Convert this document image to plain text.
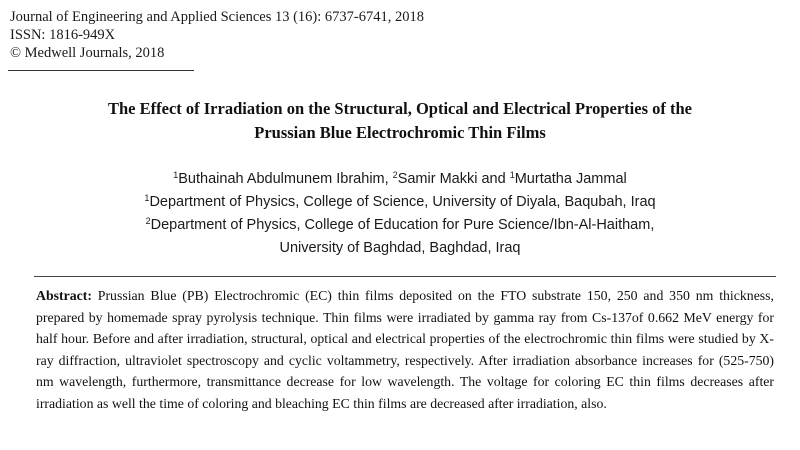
Journal of Engineering and Applied Sciences 13 (16): 6737-6741, 2018
ISSN: 1816-949X
© Medwell Journals, 2018
The Effect of Irradiation on the Structural, Optical and Electrical Properties of the
Prussian Blue Electrochromic Thin Films
$^1$Buthainah Abdulmunem Ibrahim, $^2$Samir Makki and $^1$Murtatha Jammal
$^1$Department of Physics, College of Science, University of Diyala, Baqubah, Iraq
$^2$Department of Physics, College of Education for Pure Science/Ibn-Al-Haitham,
University of Baghdad, Baghdad, Iraq
Abstract: Prussian Blue (PB) Electrochromic (EC) thin films deposited on the FTO substrate 150, 250 and 350 nm thickness, prepared by homemade spray pyrolysis technique. Thin films were irradiated by gamma ray from Cs-137of 0.662 MeV energy for half hour. Before and after irradiation, structural, optical and electrical properties of the electrochromic thin films were studied by X-ray diffraction, ultraviolet spectroscopy and cyclic voltammetry, respectively. After irradiation absorbance increases for (525-750) nm wavelength, furthermore, transmittance decrease for low wavelength. The voltage for coloring EC thin films decreases after irradiation as well the time of coloring and bleaching EC thin films are decreased after irradiation, also.
